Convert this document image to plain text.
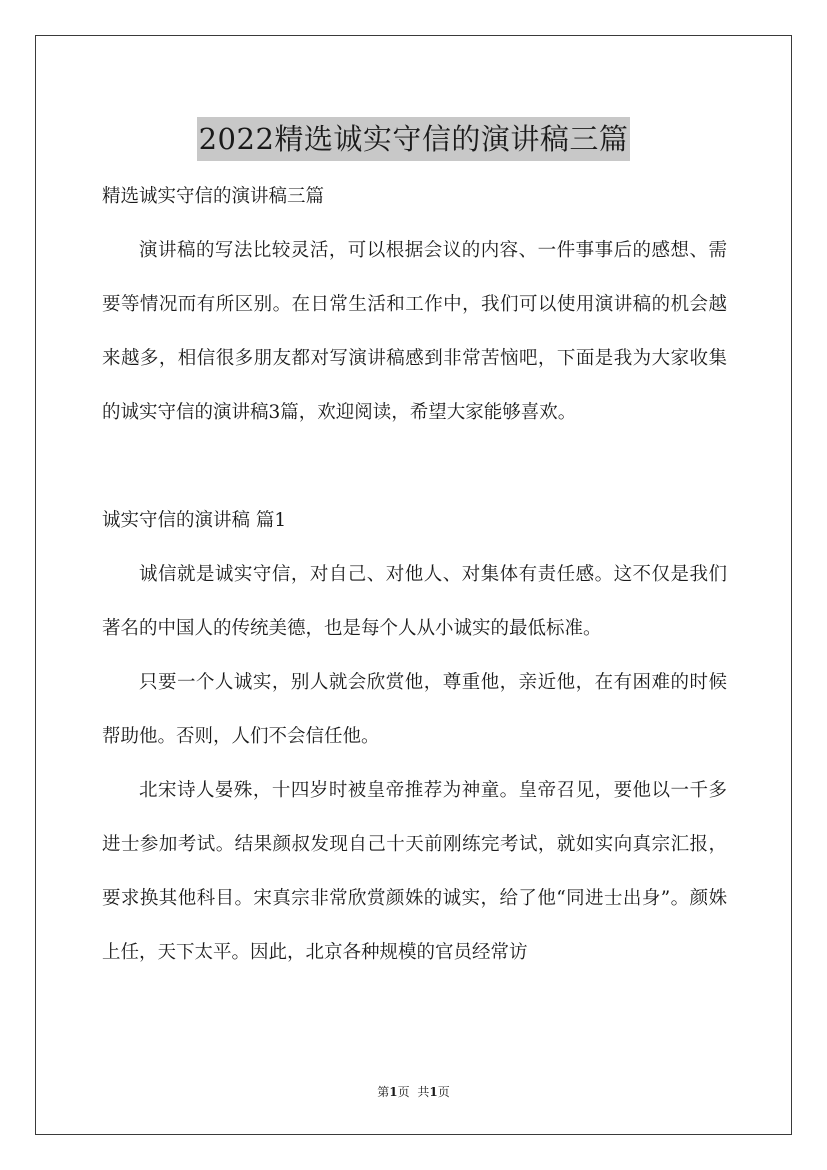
2022精选诚实守信的演讲稿三篇

精选诚实守信的演讲稿三篇

演讲稿的写法比较灵活，可以根据会议的内容、一件事事后的感想、需要等情况而有所区别。在日常生活和工作中，我们可以使用演讲稿的机会越来越多，相信很多朋友都对写演讲稿感到非常苦恼吧，下面是我为大家收集的诚实守信的演讲稿3篇，欢迎阅读，希望大家能够喜欢。

诚实守信的演讲稿 篇1

诚信就是诚实守信，对自己、对他人、对集体有责任感。这不仅是我们著名的中国人的传统美德，也是每个人从小诚实的最低标准。

只要一个人诚实，别人就会欣赏他，尊重他，亲近他，在有困难的时候帮助他。否则，人们不会信任他。

北宋诗人晏殊，十四岁时被皇帝推荐为神童。皇帝召见，要他以一千多进士参加考试。结果颜叔发现自己十天前刚练完考试，就如实向真宗汇报，要求换其他科目。宋真宗非常欣赏颜姝的诚实，给了他“同进士出身”。颜姝上任，天下太平。因此，北京各种规模的官员经常访

第1页 共1页
